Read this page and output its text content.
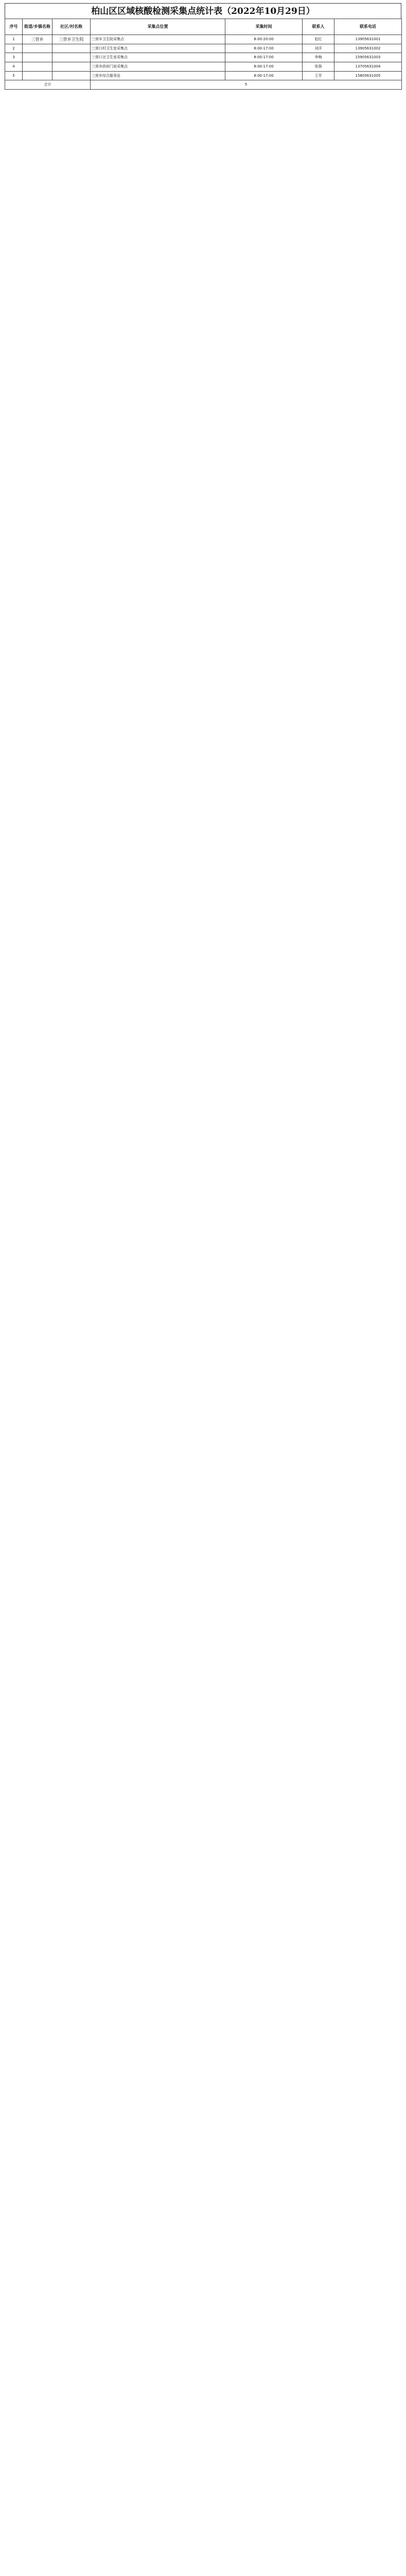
柏山区区域核酸检测采集点统计表（2022年10月29日）
序号	街道/乡镇名称	社区/村名称	采集点位置	采集时间	联系人	联系电话
1	三营乡	三营乡卫生院	三营乡卫生院采集点	8:00-20:00	赵红	13905631001
2			三营口村卫生室采集点	8:00-17:00	刘洋	13905631002
3			三营口岔卫生室采集点	8:00-17:00	李梅	15905631003
4			三营乡政府门前采集点	8:00-17:00	张强	13705631004
5			三营乡综合服务站	8:00-17:00	王芳	15805631005
合计			5			
